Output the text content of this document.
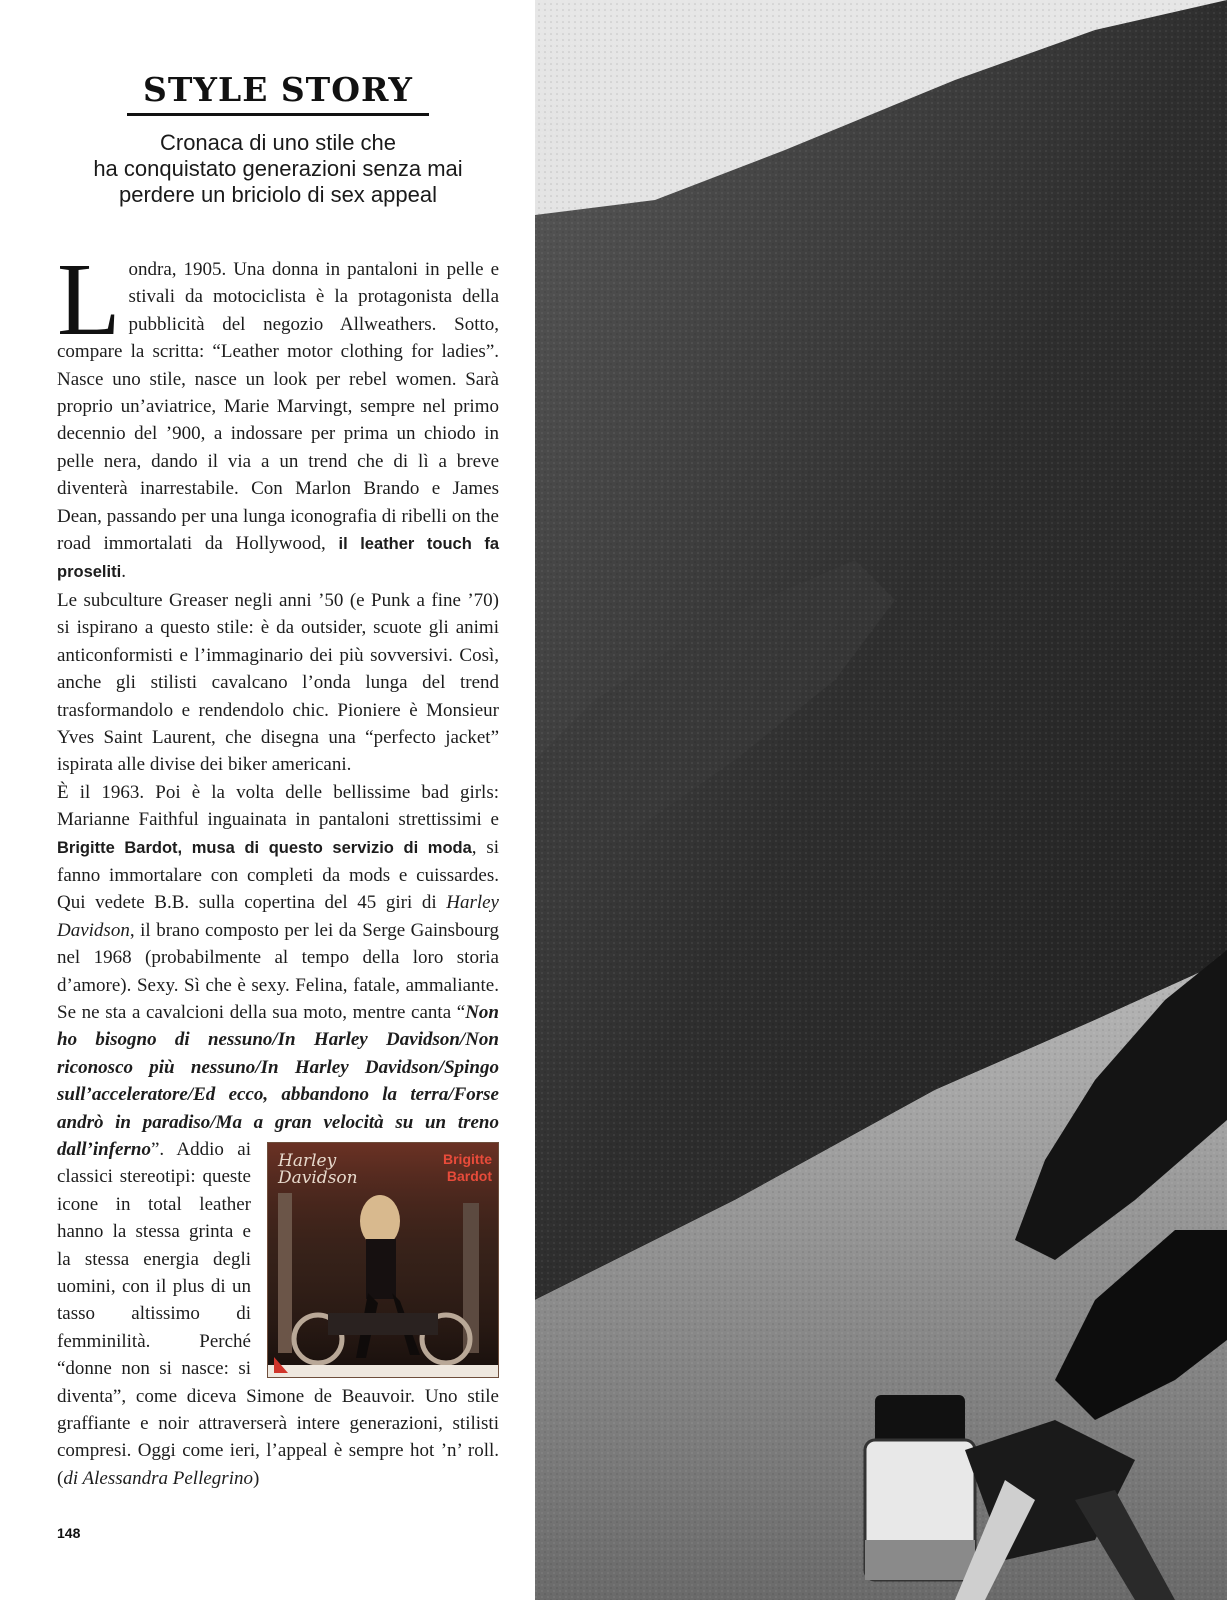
STYLE STORY
Cronaca di uno stile che
ha conquistato generazioni senza mai
perdere un briciolo di sex appeal

Londra, 1905. Una donna in pantaloni in pelle e stivali da motociclista è la protagonista della pubblicità del negozio Allweathers. Sotto, compare la scritta: “Leather motor clothing for ladies”. Nasce uno stile, nasce un look per rebel women. Sarà proprio un’aviatrice, Marie Marvingt, sempre nel primo decennio del ’900, a indossare per prima un chiodo in pelle nera, dando il via a un trend che di lì a breve diventerà inarrestabile. Con Marlon Brando e James Dean, passando per una lunga iconografia di ribelli on the road immortalati da Hollywood, il leather touch fa proseliti.

Le subculture Greaser negli anni ’50 (e Punk a fine ’70) si ispirano a questo stile: è da outsider, scuote gli animi anticonformisti e l’immaginario dei più sovversivi. Così, anche gli stilisti cavalcano l’onda lunga del trend trasformandolo e rendendolo chic. Pioniere è Monsieur Yves Saint Laurent, che disegna una “perfecto jacket” ispirata alle divise dei biker americani.

È il 1963. Poi è la volta delle bellissime bad girls: Marianne Faithful inguainata in pantaloni strettissimi e Brigitte Bardot, musa di questo servizio di moda, si fanno immortalare con completi da mods e cuissardes. Qui vedete B.B. sulla copertina del 45 giri di Harley Davidson, il brano composto per lei da Serge Gainsbourg nel 1968 (probabilmente al tempo della loro storia d’amore). Sexy. Sì che è sexy. Felina, fatale, ammaliante. Se ne sta a cavalcioni della sua moto, mentre canta “Non ho bisogno di nessuno/In Harley Davidson/Non riconosco più nessuno/In Harley Davidson/Spingo sull’acceleratore/Ed ecco, abbandono la terra/Forse andrò in paradiso/Ma a gran velocità su un treno dall’inferno
Harley
Davidson
Brigitte
Bardot
”. Addio ai classici stereotipi: queste icone in total leather hanno la stessa grinta e la stessa energia degli uomini, con il plus di un tasso altissimo di femminilità. Perché “donne non si nasce: si diventa”, come diceva Simone de Beauvoir. Uno stile graffiante e noir attraverserà intere generazioni, stilisti compresi. Oggi come ieri, l’appeal è sempre hot ’n’ roll. (di Alessandra Pellegrino)

148
